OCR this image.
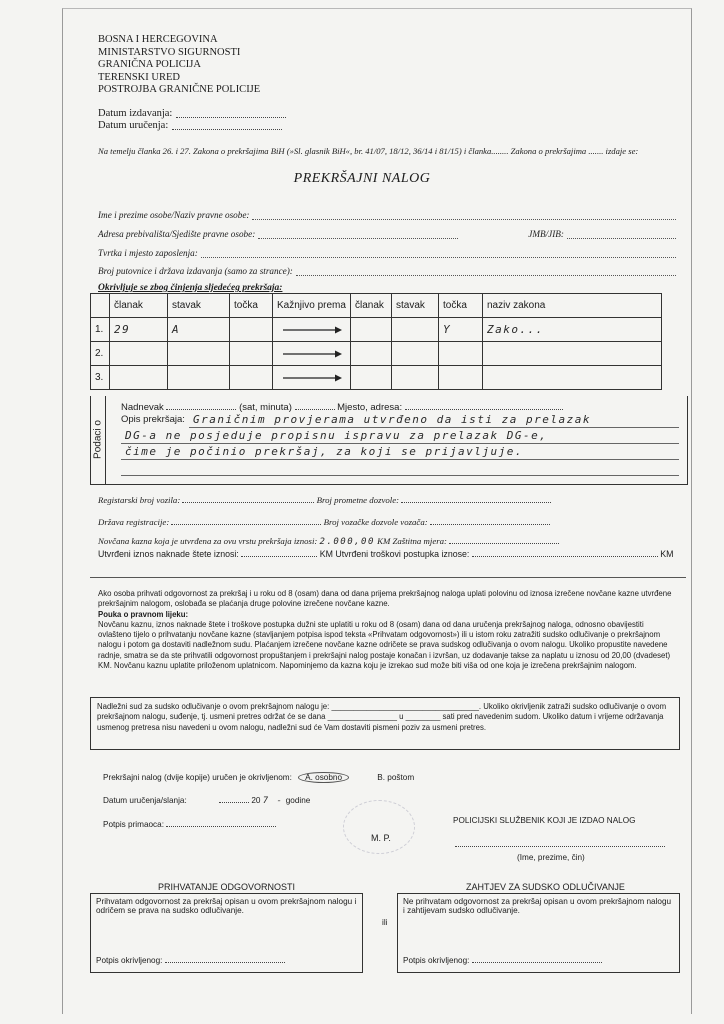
BOSNA I HERCEGOVINA
MINISTARSTVO SIGURNOSTI
GRANIČNA POLICIJA
TERENSKI URED
POSTROJBA GRANIČNE POLICIJE
Datum izdavanja:
Datum uručenja:
Na temelju članka 26. i 27. Zakona o prekršajima BiH (»Sl. glasnik BiH«, br. 41/07, 18/12, 36/14 i 81/15) i članka........ Zakona o prekršajima ....... izdaje se:
PREKRŠAJNI NALOG
Ime i prezime osobe/Naziv pravne osobe:
Adresa prebivališta/Sjedište pravne osobe:	JMB/JIB:
Tvrtka i mjesto zaposlenja:
Broj putovnice i država izdavanja (samo za strance):
Okrivljuje se zbog činjenja sljedećeg prekršaja:
	članak	stavak	točka	Kažnjivo prema	članak	stavak	točka	naziv zakona
1.	29	A					Y	Zako...
2.				

3.				

Podaci o
Nadnevak	(sat, minuta)	Mjesto, adresa:
Opis prekršaja: Graničnim provjerama utvrđeno da isti za prelazak
DG-a ne posjeduje propisnu ispravu za prelazak DG-e,
čime je počinio prekršaj, za koji se prijavljuje.
Registarski broj vozila:	Broj prometne dozvole:
Država registracije:	Broj vozačke dozvole vozača:
Novčana kazna koja je utvrđena za ovu vrstu prekršaja iznosi: 2.000,00 KM Zaštitna mjera:
Utvrđeni iznos naknade štete iznosi:	KM Utvrđeni troškovi postupka iznose:	KM
Ako osoba prihvati odgovornost za prekršaj i u roku od 8 (osam) dana od dana prijema prekršajnog naloga uplati polovinu od iznosa izrečene novčane kazne utvrđene prekršajnim nalogom, oslobađa se plaćanja druge polovine izrečene novčane kazne.
Pouka o pravnom lijeku:
Novčanu kaznu, iznos naknade štete i troškove postupka dužni ste uplatiti u roku od 8 (osam) dana od dana uručenja prekršajnog naloga, odnosno obavijestiti ovlašteno tijelo o prihvatanju novčane kazne (stavljanjem potpisa ispod teksta «Prihvatam odgovornost») ili u istom roku zatražiti sudsko odlučivanje o prekršajnom nalogu i potom ga dostaviti nadležnom sudu. Plaćanjem izrečene novčane kazne odričete se prava sudskog odlučivanja o ovom nalogu. Ukoliko propustite navedene radnje, smatra se da ste prihvatili odgovornost propuštanjem i prekršajni nalog postaje konačan i izvršan, uz dodavanje takse za naplatu u iznosu od 20,00 (dvadeset) KM. Novčanu kaznu uplatite priloženom uplatnicom. Napominjemo da kazna koju je izrekao sud može biti viša od one koja je izrečena prekršajnim nalogom.
Nadležni sud za sudsko odlučivanje o ovom prekršajnom nalogu je: __________________________________. Ukoliko okrivljenik zatraži sudsko odlučivanje o ovom prekršajnom nalogu, suđenje, tj. usmeni pretres održat će se dana ________________ u ________ sati pred navedenim sudom. Ukoliko datum i vrijeme održavanja usmenog pretresa nisu navedeni u ovom nalogu, nadležni sud će Vam dostaviti pismeni poziv za usmeni pretres.
Prekršajni nalog (dvije kopije) uručen je okrivljenom: A. osobno	B. poštom
Datum uručenja/slanja:	20 7 - godine
Potpis primaoca:
M. P.
POLICIJSKI SLUŽBENIK KOJI JE IZDAO NALOG
(Ime, prezime, čin)
PRIHVATANJE ODGOVORNOSTI
Prihvatam odgovornost za prekršaj opisan u ovom prekršajnom nalogu i odričem se prava na sudsko odlučivanje.
Potpis okrivljenog:
ili
ZAHTJEV ZA SUDSKO ODLUČIVANJE
Ne prihvatam odgovornost za prekršaj opisan u ovom prekršajnom nalogu i zahtijevam sudsko odlučivanje.
Potpis okrivljenog:
